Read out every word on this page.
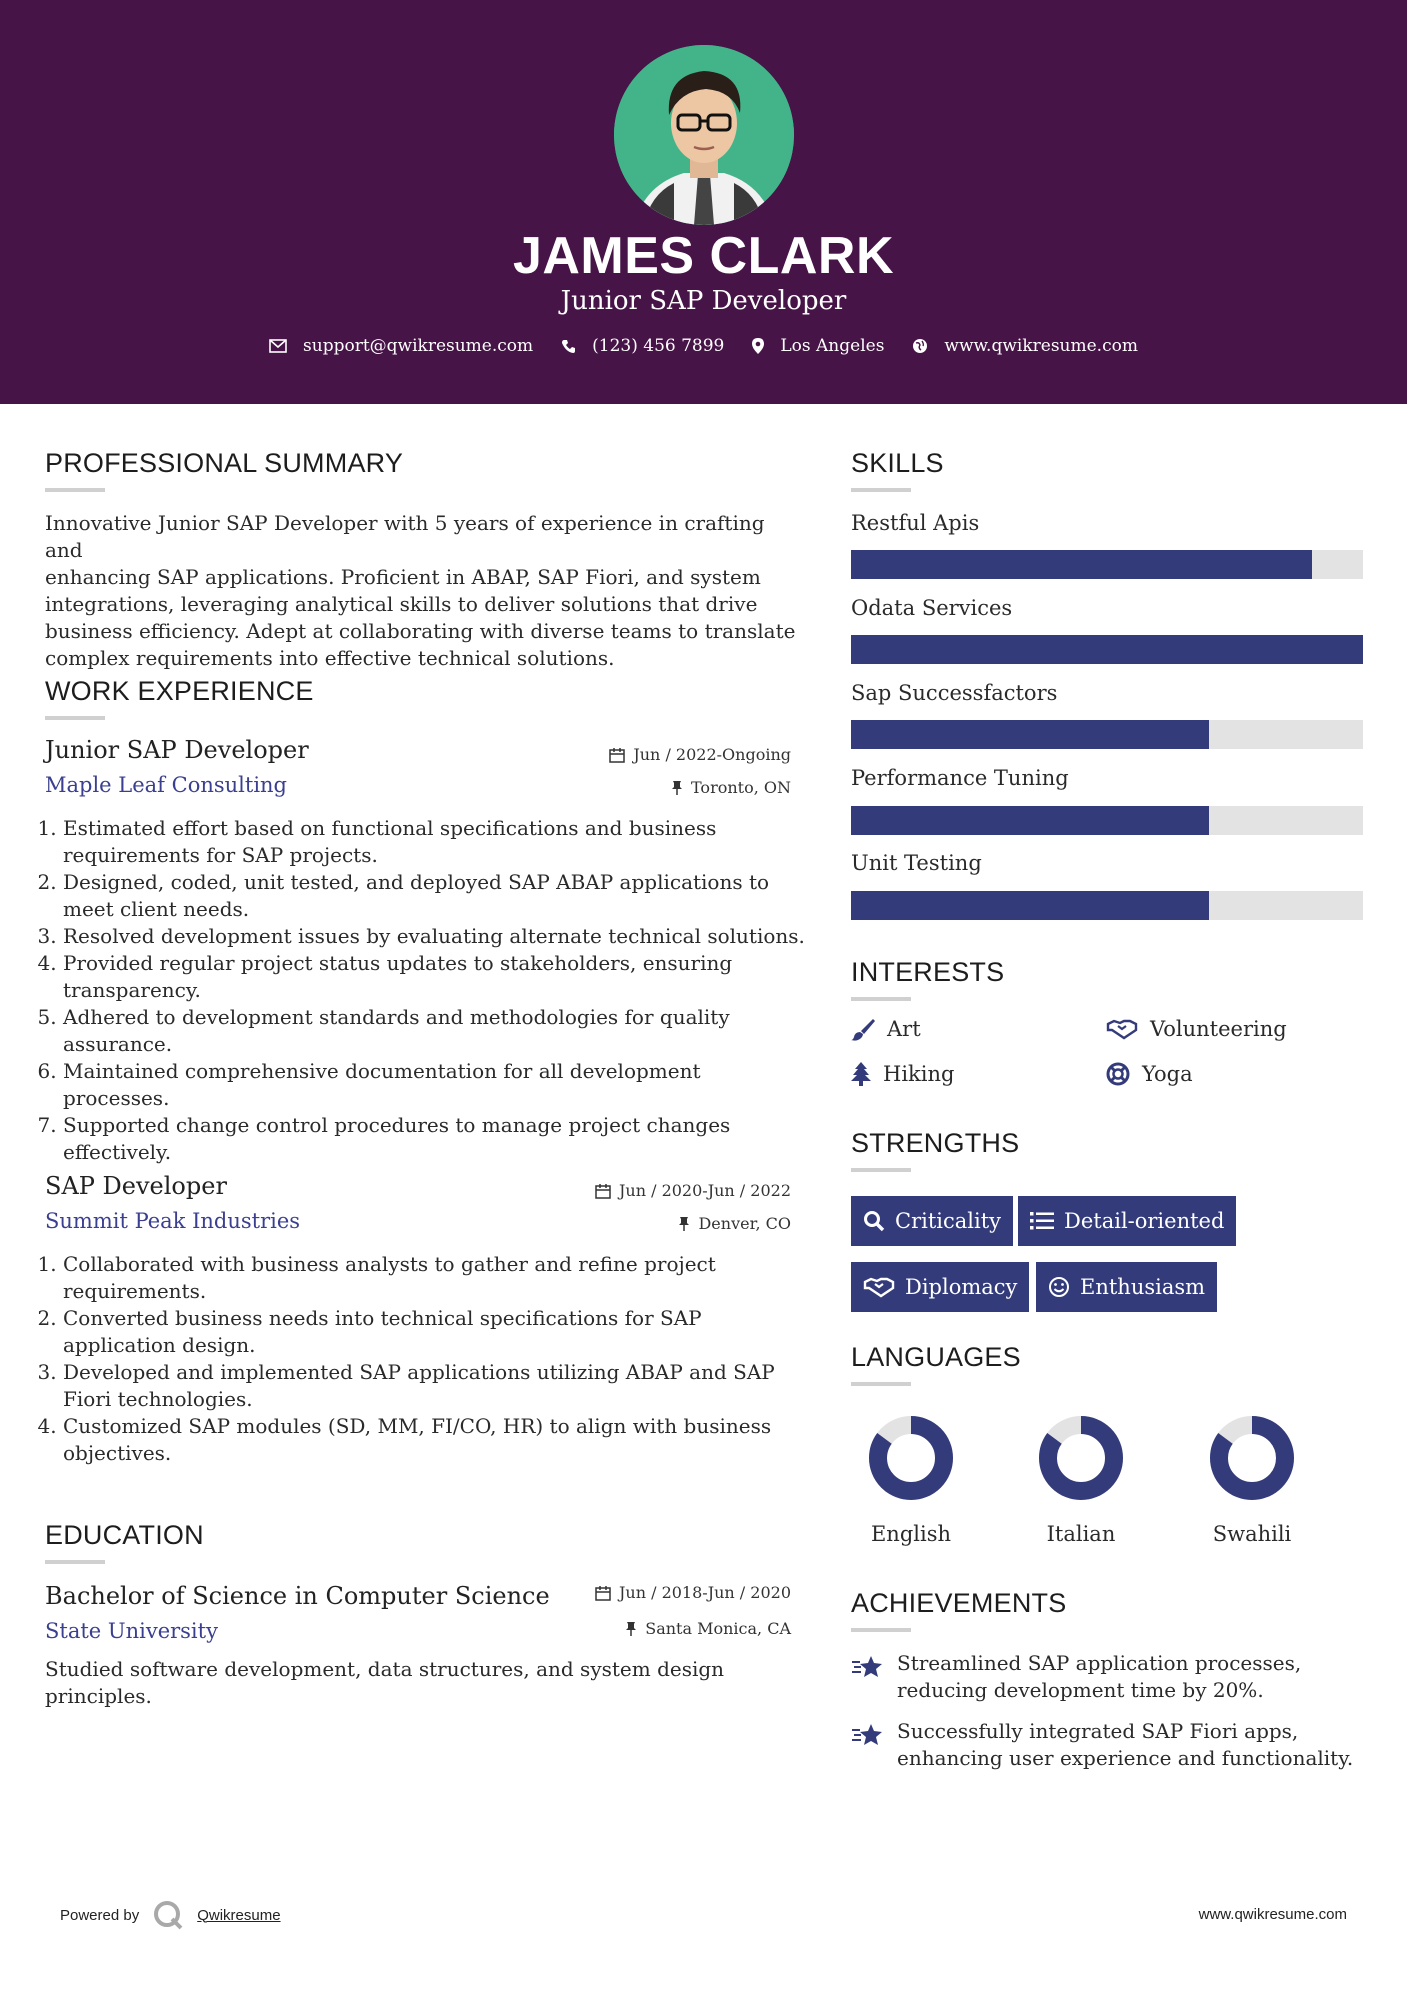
JAMES CLARK
Junior SAP Developer
support@qwikresume.com	(123) 456 7899	Los Angeles	www.qwikresume.com
PROFESSIONAL SUMMARY
Innovative Junior SAP Developer with 5 years of experience in crafting and
enhancing SAP applications. Proficient in ABAP, SAP Fiori, and system
integrations, leveraging analytical skills to deliver solutions that drive
business efficiency. Adept at collaborating with diverse teams to translate
complex requirements into effective technical solutions.
WORK EXPERIENCE
Junior SAP Developer
Maple Leaf Consulting
Jun / 2022-Ongoing
Toronto, ON
1. Estimated effort based on functional specifications and business requirements for SAP projects.
2. Designed, coded, unit tested, and deployed SAP ABAP applications to meet client needs.
3. Resolved development issues by evaluating alternate technical solutions.
4. Provided regular project status updates to stakeholders, ensuring transparency.
5. Adhered to development standards and methodologies for quality assurance.
6. Maintained comprehensive documentation for all development processes.
7. Supported change control procedures to manage project changes effectively.
SAP Developer
Summit Peak Industries
Jun / 2020-Jun / 2022
Denver, CO
1. Collaborated with business analysts to gather and refine project requirements.
2. Converted business needs into technical specifications for SAP application design.
3. Developed and implemented SAP applications utilizing ABAP and SAP Fiori technologies.
4. Customized SAP modules (SD, MM, FI/CO, HR) to align with business objectives.
EDUCATION
Bachelor of Science in Computer Science
State University
Jun / 2018-Jun / 2020
Santa Monica, CA
Studied software development, data structures, and system design
principles.
SKILLS
Restful Apis
Odata Services
Sap Successfactors
Performance Tuning
Unit Testing
INTERESTS
Art	Volunteering
Hiking	Yoga
STRENGTHS
Criticality	Detail-oriented
Diplomacy	Enthusiasm
LANGUAGES
English	Italian	Swahili
ACHIEVEMENTS
Streamlined SAP application processes,
reducing development time by 20%.
Successfully integrated SAP Fiori apps,
enhancing user experience and functionality.
Powered by	Qwikresume	www.qwikresume.com
